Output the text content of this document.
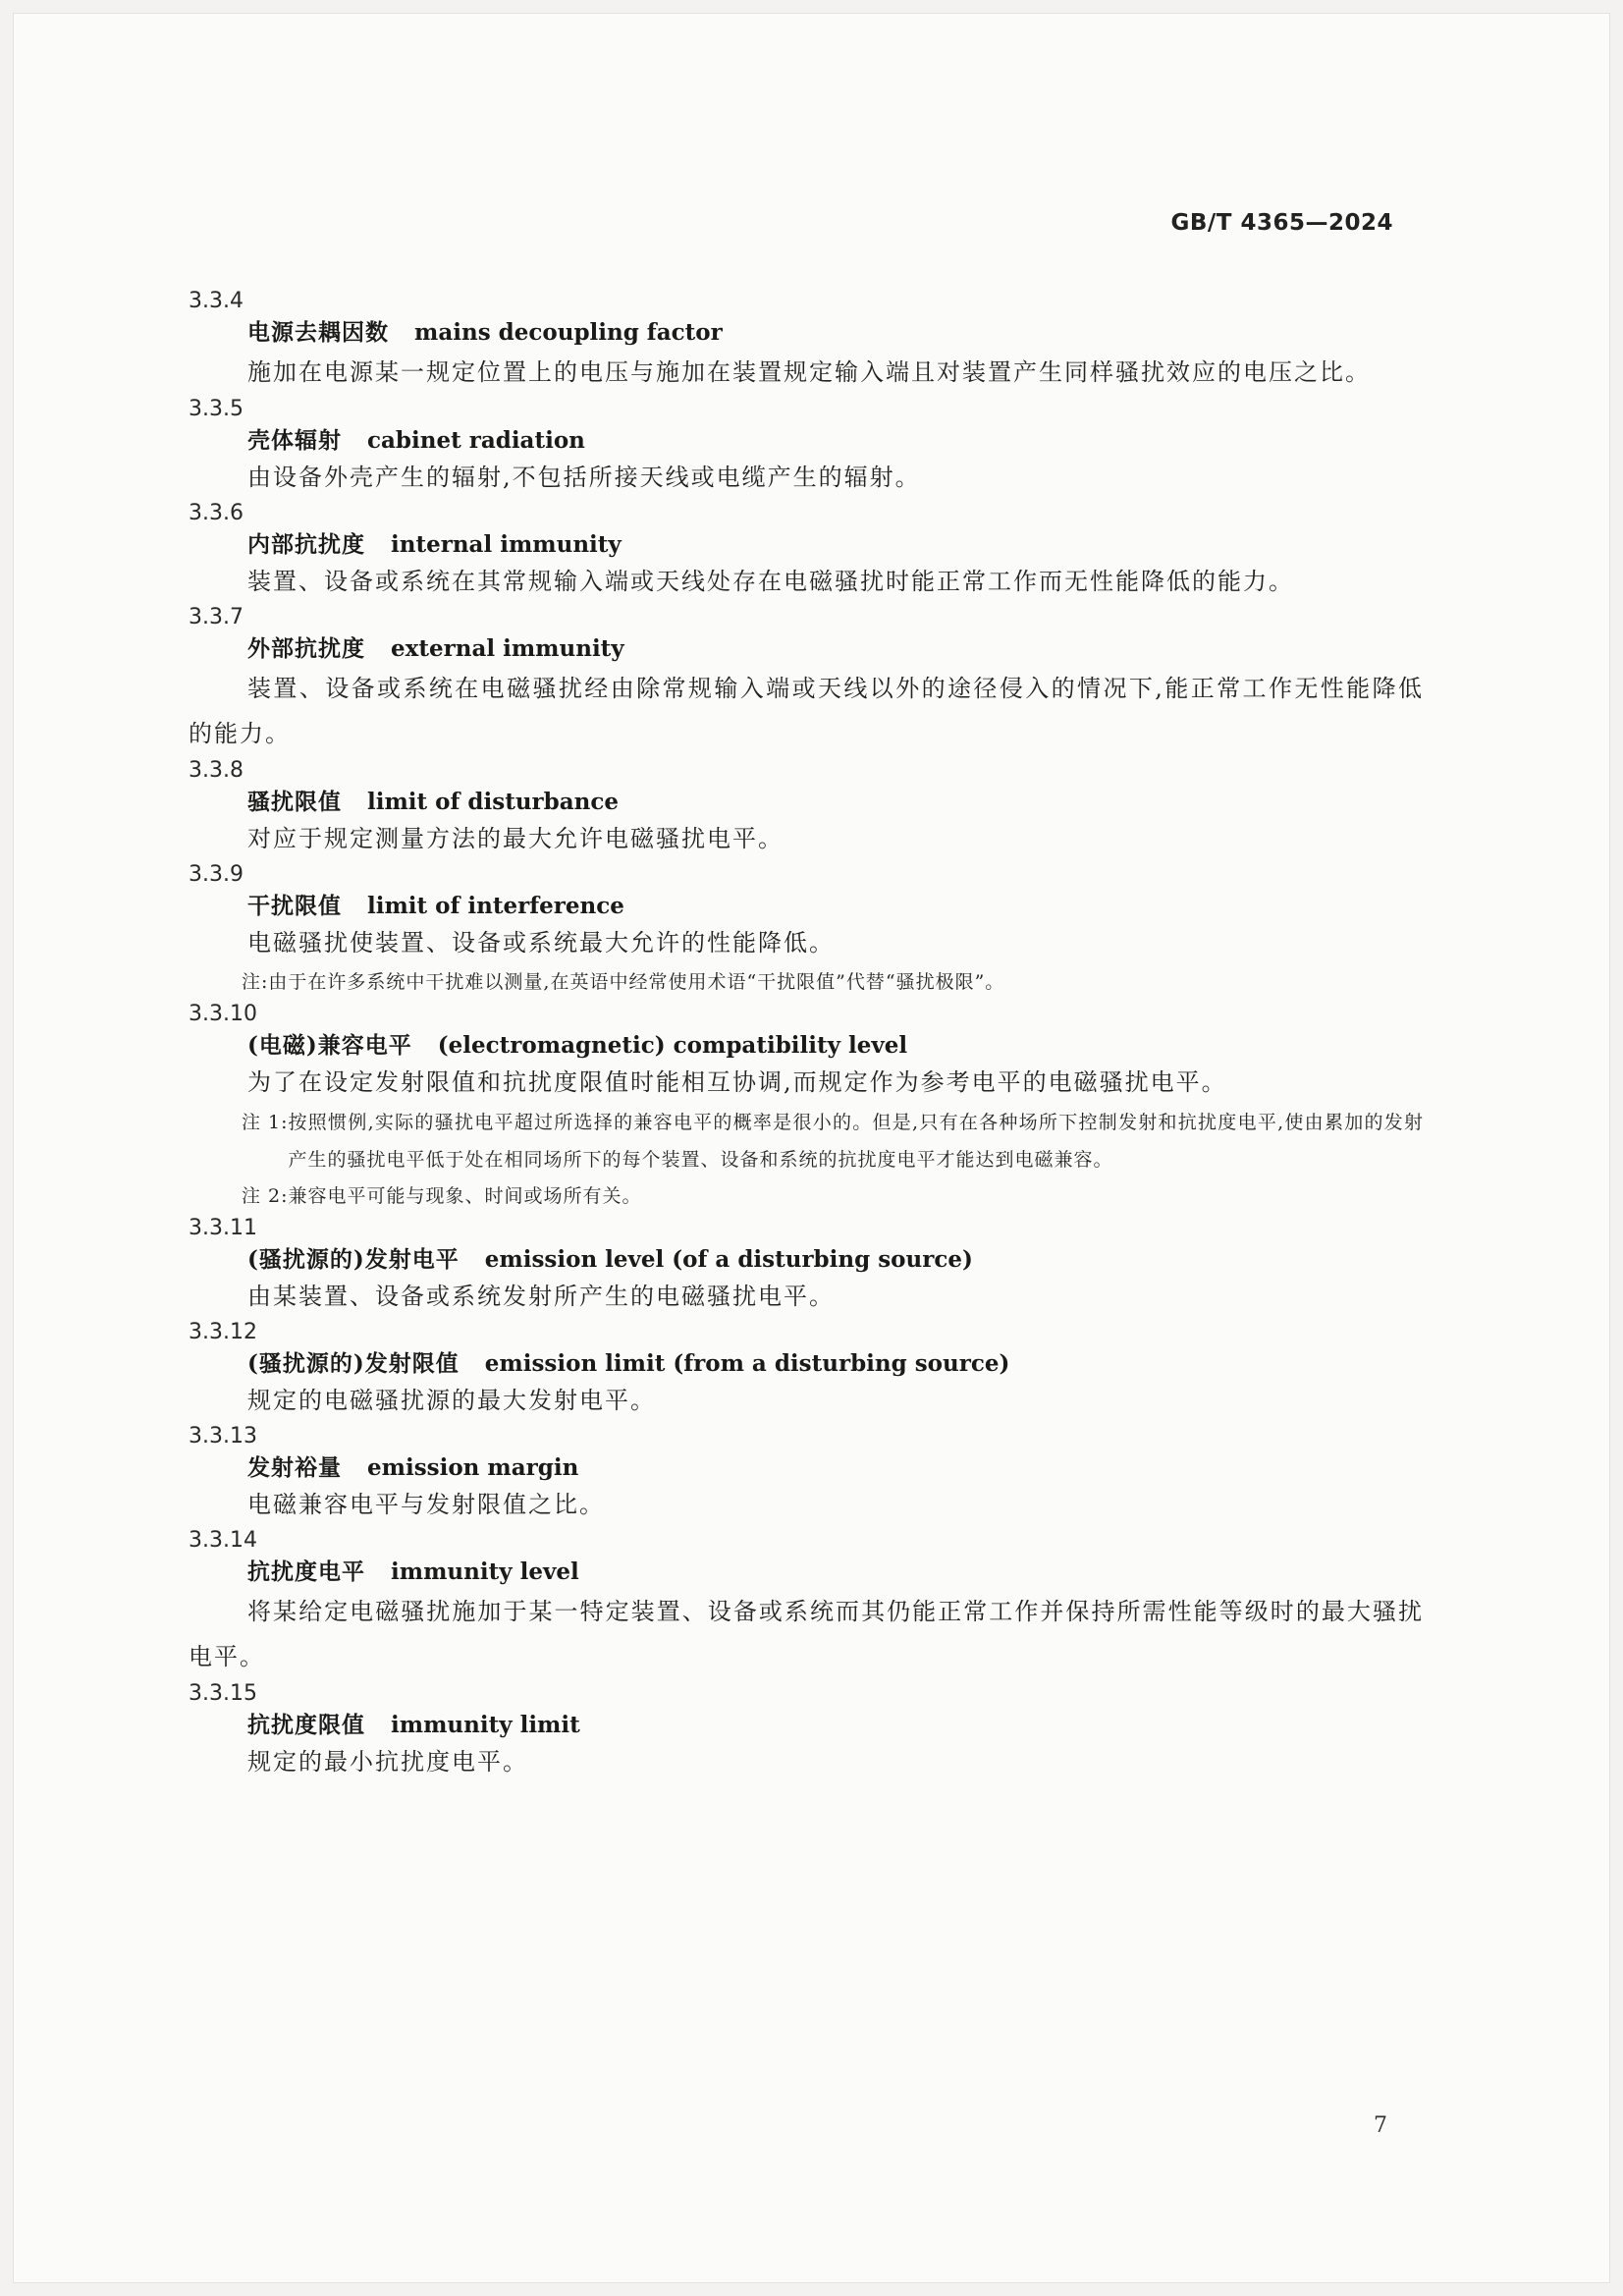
GB/T 4365—2024
3.3.4
电源去耦因数 mains decoupling factor

施加在电源某一规定位置上的电压与施加在装置规定输入端且对装置产生同样骚扰效应的电压之比。

3.3.5
壳体辐射 cabinet radiation

由设备外壳产生的辐射,不包括所接天线或电缆产生的辐射。

3.3.6
内部抗扰度 internal immunity

装置、设备或系统在其常规输入端或天线处存在电磁骚扰时能正常工作而无性能降低的能力。

3.3.7
外部抗扰度 external immunity

装置、设备或系统在电磁骚扰经由除常规输入端或天线以外的途径侵入的情况下,能正常工作无性能降低的能力。

3.3.8
骚扰限值 limit of disturbance

对应于规定测量方法的最大允许电磁骚扰电平。

3.3.9
干扰限值 limit of interference

电磁骚扰使装置、设备或系统最大允许的性能降低。

注:由于在许多系统中干扰难以测量,在英语中经常使用术语“干扰限值”代替“骚扰极限”。

3.3.10
(电磁)兼容电平 (electromagnetic) compatibility level

为了在设定发射限值和抗扰度限值时能相互协调,而规定作为参考电平的电磁骚扰电平。

注 1: 按照惯例,实际的骚扰电平超过所选择的兼容电平的概率是很小的。但是,只有在各种场所下控制发射和抗扰度电平,使由累加的发射产生的骚扰电平低于处在相同场所下的每个装置、设备和系统的抗扰度电平才能达到电磁兼容。

注 2:兼容电平可能与现象、时间或场所有关。

3.3.11
(骚扰源的)发射电平 emission level (of a disturbing source)

由某装置、设备或系统发射所产生的电磁骚扰电平。

3.3.12
(骚扰源的)发射限值 emission limit (from a disturbing source)

规定的电磁骚扰源的最大发射电平。

3.3.13
发射裕量 emission margin

电磁兼容电平与发射限值之比。

3.3.14
抗扰度电平 immunity level

将某给定电磁骚扰施加于某一特定装置、设备或系统而其仍能正常工作并保持所需性能等级时的最大骚扰电平。

3.3.15
抗扰度限值 immunity limit

规定的最小抗扰度电平。

7
